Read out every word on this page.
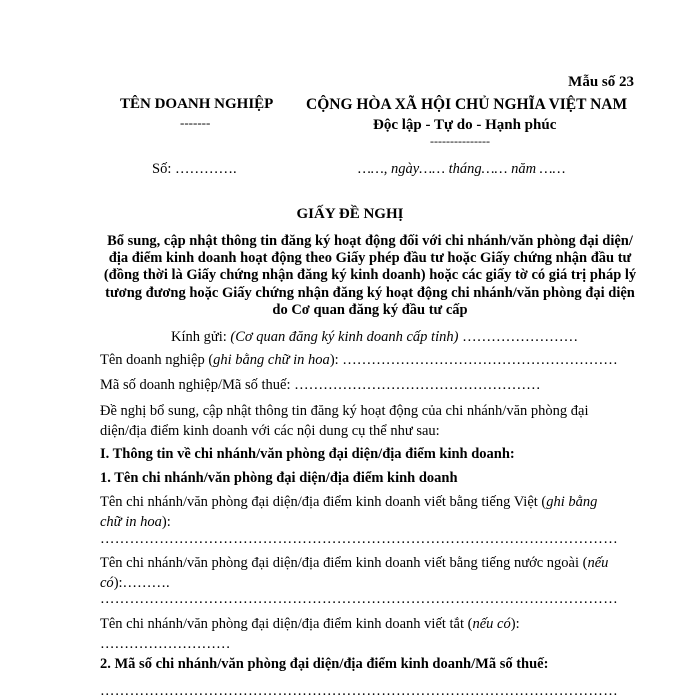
Mẫu số 23
TÊN DOANH NGHIỆP
-------
CỘNG HÒA XÃ HỘI CHỦ NGHĨA VIỆT NAM
Độc lập - Tự do - Hạnh phúc
---------------
Số: ………….	……, ngày…… tháng…… năm ……
GIẤY ĐỀ NGHỊ
Bổ sung, cập nhật thông tin đăng ký hoạt động đối với chi nhánh/văn phòng đại diện/địa điểm kinh doanh hoạt động theo Giấy phép đầu tư hoặc Giấy chứng nhận đầu tư (đồng thời là Giấy chứng nhận đăng ký kinh doanh) hoặc các giấy tờ có giá trị pháp lý tương đương hoặc Giấy chứng nhận đăng ký hoạt động chi nhánh/văn phòng đại diện do Cơ quan đăng ký đầu tư cấp
Kính gửi: (Cơ quan đăng ký kinh doanh cấp tỉnh) ……………………
Tên doanh nghiệp (ghi bằng chữ in hoa): …………………………………………………
Mã số doanh nghiệp/Mã số thuế: ……………………………………………
Đề nghị bổ sung, cập nhật thông tin đăng ký hoạt động của chi nhánh/văn phòng đại diện/địa điểm kinh doanh với các nội dung cụ thể như sau:
I. Thông tin về chi nhánh/văn phòng đại diện/địa điểm kinh doanh:
1. Tên chi nhánh/văn phòng đại diện/địa điểm kinh doanh
Tên chi nhánh/văn phòng đại diện/địa điểm kinh doanh viết bằng tiếng Việt (ghi bằng chữ in hoa):
……………………………………………………………………………………………
Tên chi nhánh/văn phòng đại diện/địa điểm kinh doanh viết bằng tiếng nước ngoài (nếu có):……….
……………………………………………………………………………………………
Tên chi nhánh/văn phòng đại diện/địa điểm kinh doanh viết tắt (nếu có): ………………………
2. Mã số chi nhánh/văn phòng đại diện/địa điểm kinh doanh/Mã số thuế:
……………………………………………………………………………………………
